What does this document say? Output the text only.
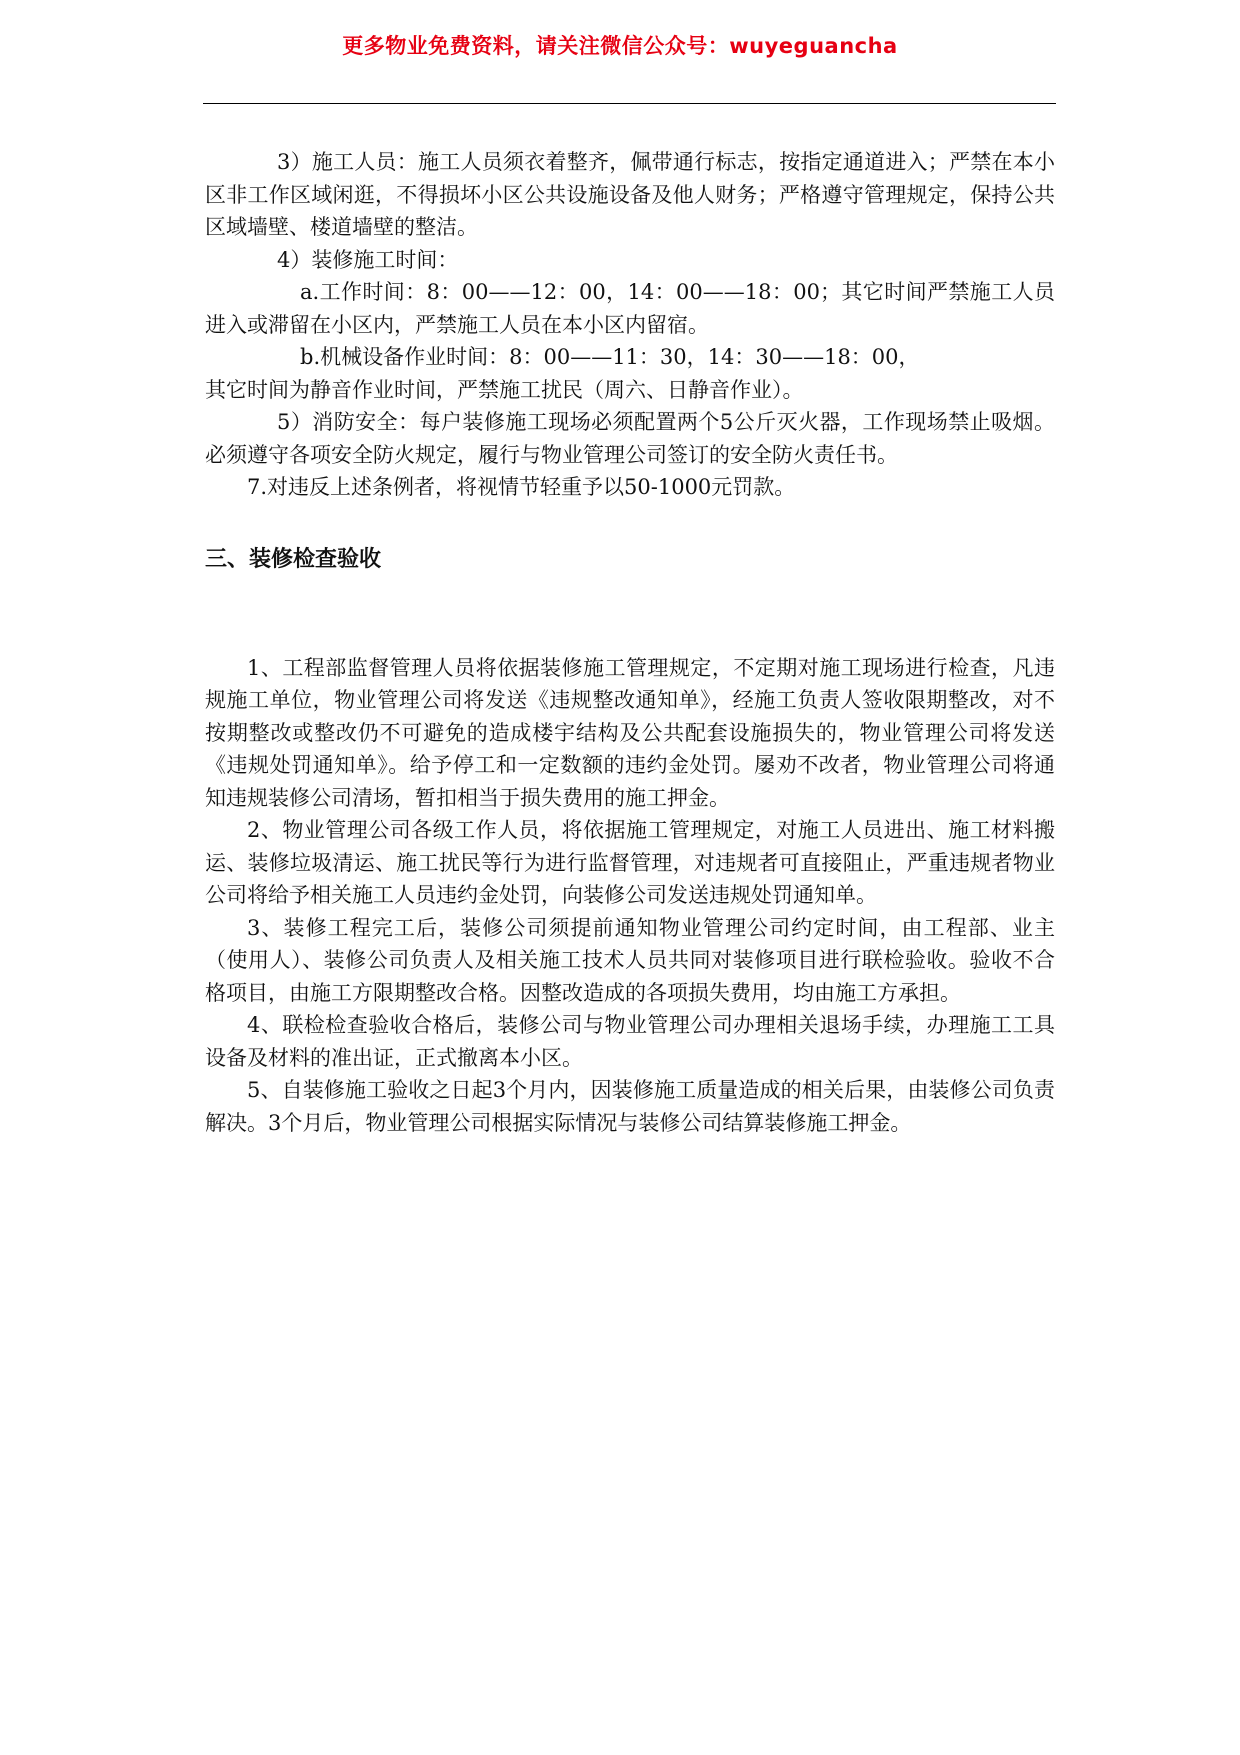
更多物业免费资料，请关注微信公众号：wuyeguancha

3）施工人员：施工人员须衣着整齐，佩带通行标志，按指定通道进入；严禁在本小区非工作区域闲逛，不得损坏小区公共设施设备及他人财务；严格遵守管理规定，保持公共区域墙壁、楼道墙壁的整洁。

4）装修施工时间：

a.工作时间：8：00——12：00，14：00——18：00；其它时间严禁施工人员进入或滞留在小区内，严禁施工人员在本小区内留宿。

b.机械设备作业时间：8：00——11：30，14：30——18：00，

其它时间为静音作业时间，严禁施工扰民（周六、日静音作业）。

5）消防安全：每户装修施工现场必须配置两个5公斤灭火器，工作现场禁止吸烟。必须遵守各项安全防火规定，履行与物业管理公司签订的安全防火责任书。

7.对违反上述条例者，将视情节轻重予以50-1000元罚款。

三、装修检查验收

1、工程部监督管理人员将依据装修施工管理规定，不定期对施工现场进行检查，凡违规施工单位，物业管理公司将发送《违规整改通知单》，经施工负责人签收限期整改，对不按期整改或整改仍不可避免的造成楼宇结构及公共配套设施损失的，物业管理公司将发送《违规处罚通知单》。给予停工和一定数额的违约金处罚。屡劝不改者，物业管理公司将通知违规装修公司清场，暂扣相当于损失费用的施工押金。

2、物业管理公司各级工作人员，将依据施工管理规定，对施工人员进出、施工材料搬运、装修垃圾清运、施工扰民等行为进行监督管理，对违规者可直接阻止，严重违规者物业公司将给予相关施工人员违约金处罚，向装修公司发送违规处罚通知单。

3、装修工程完工后，装修公司须提前通知物业管理公司约定时间，由工程部、业主（使用人）、装修公司负责人及相关施工技术人员共同对装修项目进行联检验收。验收不合格项目，由施工方限期整改合格。因整改造成的各项损失费用，均由施工方承担。

4、联检检查验收合格后，装修公司与物业管理公司办理相关退场手续，办理施工工具设备及材料的准出证，正式撤离本小区。

5、自装修施工验收之日起3个月内，因装修施工质量造成的相关后果，由装修公司负责解决。3个月后，物业管理公司根据实际情况与装修公司结算装修施工押金。
